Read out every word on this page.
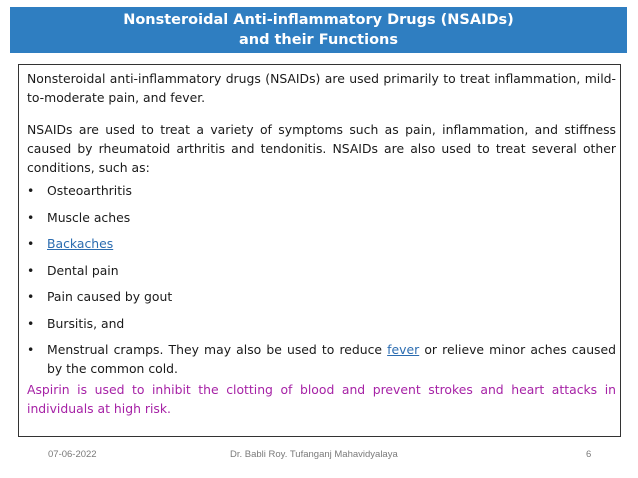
Nonsteroidal Anti-inflammatory Drugs (NSAIDs)
and their Functions

Nonsteroidal anti-inflammatory drugs (NSAIDs) are used primarily to treat inflammation, mild-to-moderate pain, and fever.

NSAIDs are used to treat a variety of symptoms such as pain, inflammation, and stiffness caused by rheumatoid arthritis and tendonitis. NSAIDs are also used to treat several other conditions, such as:

• Osteoarthritis
• Muscle aches
• Backaches
• Dental pain
• Pain caused by gout
• Bursitis, and
• Menstrual cramps. They may also be used to reduce fever or relieve minor aches caused by the common cold.

Aspirin is used to inhibit the clotting of blood and prevent strokes and heart attacks in individuals at high risk.

07-06-2022	Dr. Babli Roy. Tufanganj Mahavidyalaya	6
